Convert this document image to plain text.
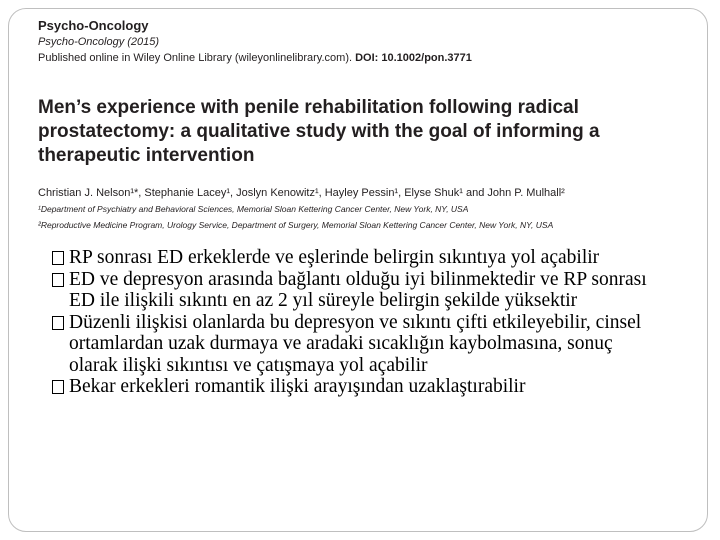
Psycho-Oncology
Psycho-Oncology (2015)
Published online in Wiley Online Library (wileyonlinelibrary.com). DOI: 10.1002/pon.3771
Men’s experience with penile rehabilitation following radical prostatectomy: a qualitative study with the goal of informing a therapeutic intervention
Christian J. Nelson¹*, Stephanie Lacey¹, Joslyn Kenowitz¹, Hayley Pessin¹, Elyse Shuk¹ and John P. Mulhall²
¹Department of Psychiatry and Behavioral Sciences, Memorial Sloan Kettering Cancer Center, New York, NY, USA
²Reproductive Medicine Program, Urology Service, Department of Surgery, Memorial Sloan Kettering Cancer Center, New York, NY, USA
RP sonrası ED erkeklerde ve eşlerinde belirgin sıkıntıya yol açabilir
ED ve depresyon arasında bağlantı olduğu iyi bilinmektedir ve RP sonrası ED ile ilişkili sıkıntı en az 2 yıl süreyle belirgin şekilde yüksektir
Düzenli ilişkisi olanlarda bu depresyon ve sıkıntı çifti etkileyebilir, cinsel ortamlardan uzak durmaya ve aradaki sıcaklığın kaybolmasına, sonuç olarak ilişki sıkıntısı ve çatışmaya yol açabilir
Bekar erkekleri romantik ilişki arayışından uzaklaştırabilir
